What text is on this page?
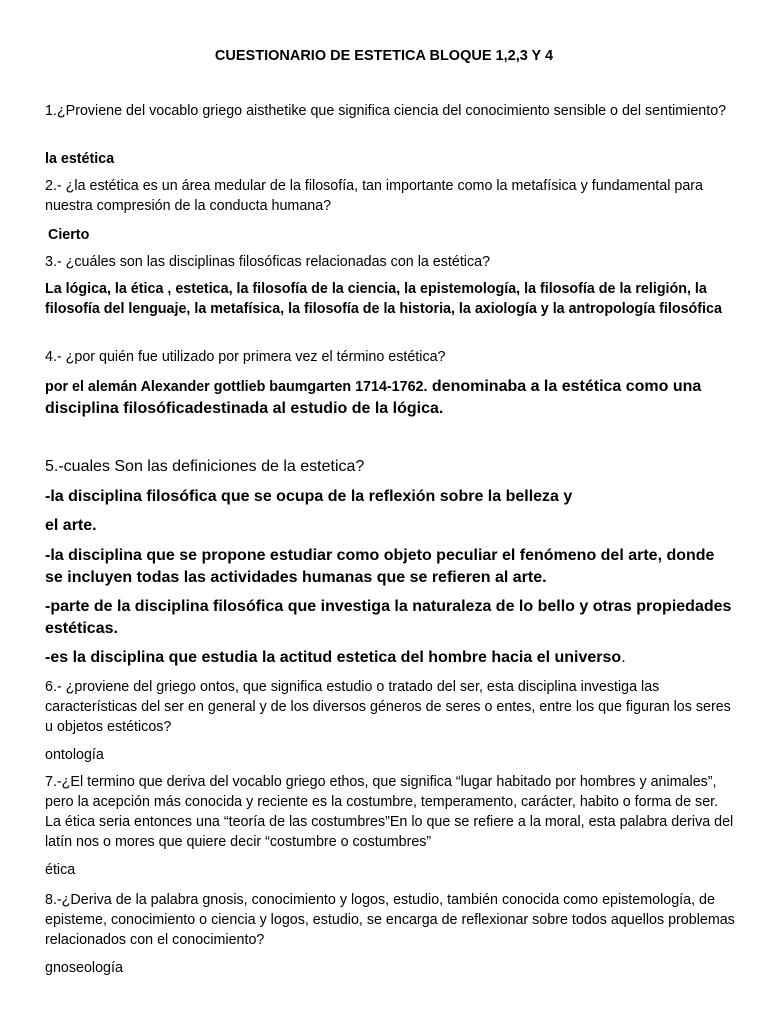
CUESTIONARIO DE ESTETICA BLOQUE 1,2,3 Y 4
1.¿Proviene del vocablo griego aisthetike que significa ciencia del conocimiento sensible o del sentimiento?
la estética
2.- ¿la estética es un área medular de la filosofía, tan importante como la metafísica y fundamental para nuestra compresión de la conducta humana?
Cierto
3.- ¿cuáles son las disciplinas filosóficas relacionadas con la estética?
La lógica, la ética , estetica, la filosofía de la ciencia, la epistemología, la filosofía de la religión, la filosofía del lenguaje, la metafísica, la filosofía de la historia, la axiología y la antropología filosófica
4.- ¿por quién fue utilizado por primera vez el término estética?
por el alemán Alexander gottlieb baumgarten 1714-1762. denominaba a la estética como una disciplina filosóficadestinada al estudio de la lógica.
5.-cuales Son las definiciones de la estetica?
-la disciplina filosófica que se ocupa de la reflexión sobre la belleza y
el arte.
-la disciplina que se propone estudiar como objeto peculiar el fenómeno del arte, donde se incluyen todas las actividades humanas que se refieren al arte.
-parte de la disciplina filosófica que investiga la naturaleza de lo bello y otras propiedades estéticas.
-es la disciplina que estudia la actitud estetica del hombre hacia el universo.
6.- ¿proviene del griego ontos, que significa estudio o tratado del ser, esta disciplina investiga las características del ser en general y de los diversos géneros de seres o entes, entre los que figuran los seres u objetos estéticos?
ontología
7.-¿El termino que deriva del vocablo griego ethos, que significa “lugar habitado por hombres y animales”, pero la acepción más conocida y reciente es la costumbre, temperamento, carácter, habito o forma de ser. La ética seria entonces una “teoría de las costumbres”En lo que se refiere a la moral, esta palabra deriva del latín nos o mores que quiere decir “costumbre o costumbres”
ética
8.-¿Deriva de la palabra gnosis, conocimiento y logos, estudio, también conocida como epistemología, de episteme, conocimiento o ciencia y logos, estudio, se encarga de reflexionar sobre todos aquellos problemas relacionados con el conocimiento?
gnoseología
